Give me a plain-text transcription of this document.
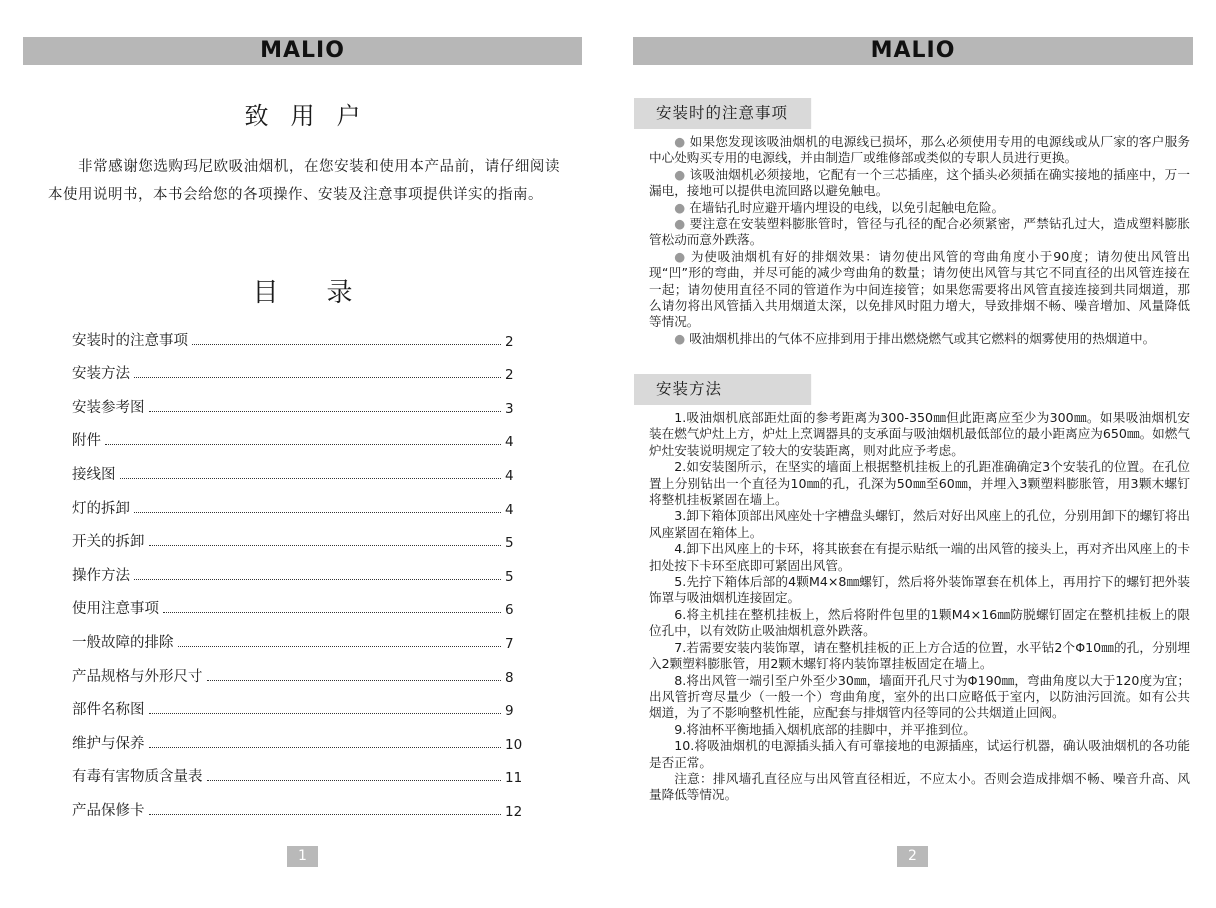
MALIO
致用户
非常感谢您选购玛尼欧吸油烟机，在您安装和使用本产品前，请仔细阅读本使用说明书，本书会给您的各项操作、安装及注意事项提供详实的指南。
目录
安装时的注意事项	2
安装方法	2
安装参考图	3
附件	4
接线图	4
灯的拆卸	4
开关的拆卸	5
操作方法	5
使用注意事项	6
一般故障的排除	7
产品规格与外形尺寸	8
部件名称图	9
维护与保养	10
有毒有害物质含量表	11
产品保修卡	12
1
MALIO
安装时的注意事项

● 如果您发现该吸油烟机的电源线已损坏，那么必须使用专用的电源线或从厂家的客户服务中心处购买专用的电源线，并由制造厂或维修部或类似的专职人员进行更换。

● 该吸油烟机必须接地，它配有一个三芯插座，这个插头必须插在确实接地的插座中，万一漏电，接地可以提供电流回路以避免触电。

● 在墙钻孔时应避开墙内埋设的电线，以免引起触电危险。

● 要注意在安装塑料膨胀管时，管径与孔径的配合必须紧密，严禁钻孔过大，造成塑料膨胀管松动而意外跌落。

● 为使吸油烟机有好的排烟效果：请勿使出风管的弯曲角度小于90度；请勿使出风管出现“凹”形的弯曲，并尽可能的减少弯曲角的数量；请勿使出风管与其它不同直径的出风管连接在一起；请勿使用直径不同的管道作为中间连接管；如果您需要将出风管直接连接到共同烟道，那么请勿将出风管插入共用烟道太深，以免排风时阻力增大，导致排烟不畅、噪音增加、风量降低等情况。

● 吸油烟机排出的气体不应排到用于排出燃烧燃气或其它燃料的烟雾使用的热烟道中。

安装方法

1.吸油烟机底部距灶面的参考距离为300-350㎜但此距离应至少为300㎜。如果吸油烟机安装在燃气炉灶上方，炉灶上烹调器具的支承面与吸油烟机最低部位的最小距离应为650㎜。如燃气炉灶安装说明规定了较大的安装距离，则对此应予考虑。

2.如安装图所示，在坚实的墙面上根据整机挂板上的孔距准确确定3个安装孔的位置。在孔位置上分别钻出一个直径为10㎜的孔，孔深为50㎜至60㎜，并埋入3颗塑料膨胀管，用3颗木螺钉将整机挂板紧固在墙上。

3.卸下箱体顶部出风座处十字槽盘头螺钉，然后对好出风座上的孔位，分别用卸下的螺钉将出风座紧固在箱体上。

4.卸下出风座上的卡环，将其嵌套在有提示贴纸一端的出风管的接头上，再对齐出风座上的卡扣处按下卡环至底即可紧固出风管。

5.先拧下箱体后部的4颗M4×8㎜螺钉，然后将外装饰罩套在机体上，再用拧下的螺钉把外装饰罩与吸油烟机连接固定。

6.将主机挂在整机挂板上，然后将附件包里的1颗M4×16㎜防脱螺钉固定在整机挂板上的限位孔中，以有效防止吸油烟机意外跌落。

7.若需要安装内装饰罩，请在整机挂板的正上方合适的位置，水平钻2个Φ10㎜的孔，分别埋入2颗塑料膨胀管，用2颗木螺钉将内装饰罩挂板固定在墙上。

8.将出风管一端引至户外至少30㎜，墙面开孔尺寸为Φ190㎜，弯曲角度以大于120度为宜；出风管折弯尽量少（一般一个）弯曲角度，室外的出口应略低于室内，以防油污回流。如有公共烟道，为了不影响整机性能，应配套与排烟管内径等同的公共烟道止回阀。

9.将油杯平衡地插入烟机底部的挂脚中，并平推到位。

10.将吸油烟机的电源插头插入有可靠接地的电源插座，试运行机器，确认吸油烟机的各功能是否正常。

注意：排风墙孔直径应与出风管直径相近，不应太小。否则会造成排烟不畅、噪音升高、风量降低等情况。

2
